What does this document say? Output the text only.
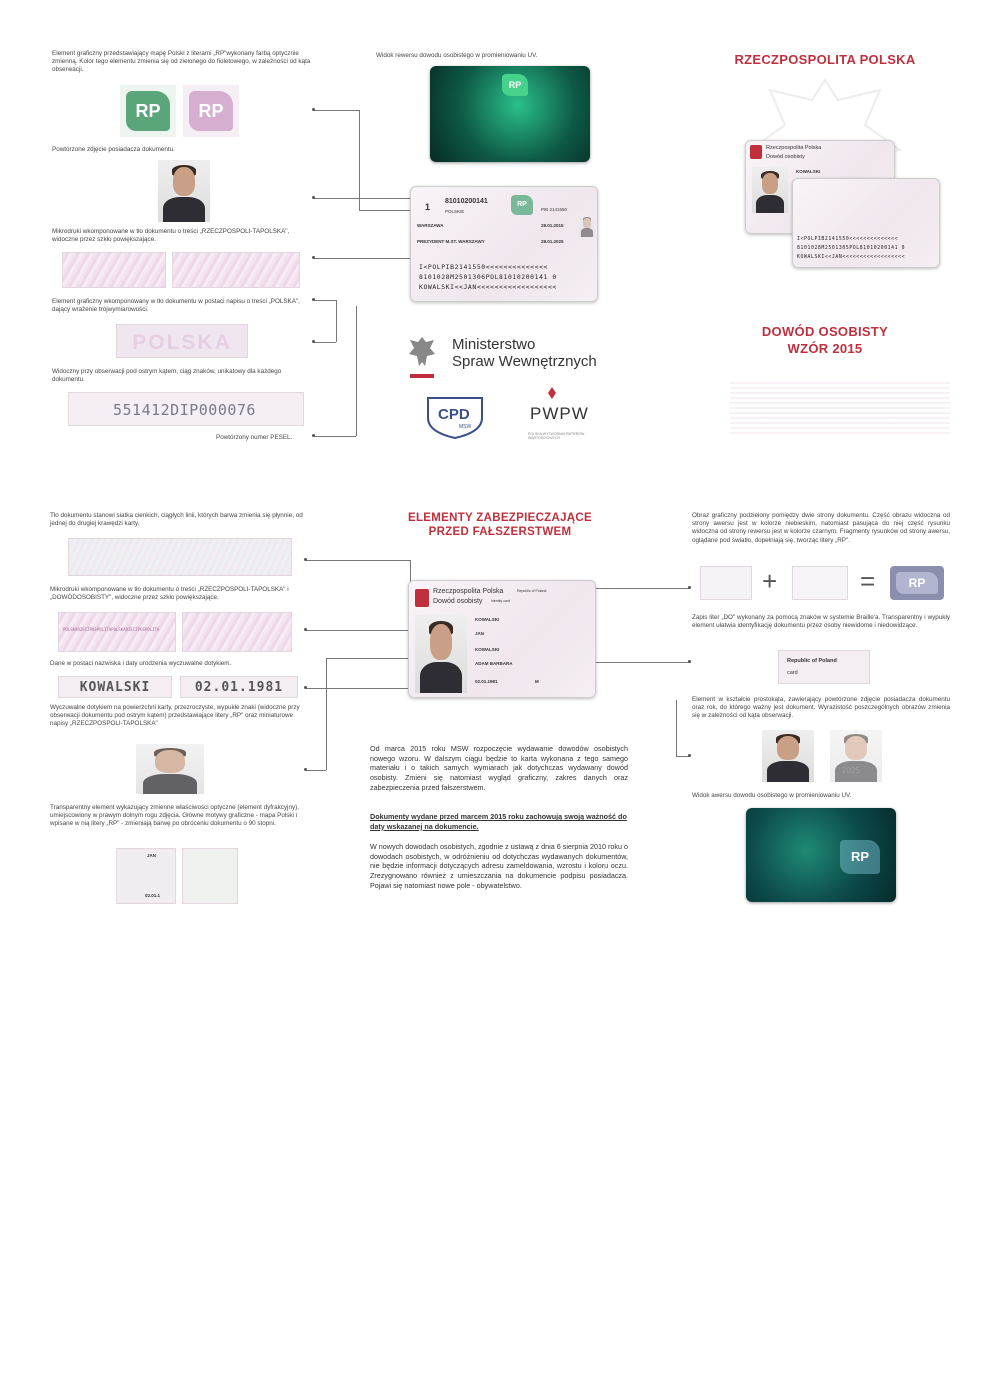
Element graficzny przedstawiający mapę Polski z literami „RP"wykonany farbą optycznie zmienną. Kolor tego elementu zmienia się od zielonego do fioletowego, w zależności od kąta obserwacji.
RP	RP
Powtórzone zdjęcie posiadacza dokumentu.
Mikrodruki wkomponowane w tło dokumentu o treści „RZECZPOSPOLI-TAPOLSKA", widoczne przez szkło powiększające.
Element graficzny wkomponowany w tło dokumentu w postaci napisu o treści „POLSKA", dający wrażenie trójwymiarowości.
POLSKA
Widoczny przy obserwacji pod ostrym kątem, ciąg znaków, unikatowy dla każdego dokumentu.
551412DIP000076
Powtórzony numer PESEL.
Widok rewersu dowodu osobistego w promieniowaniu UV.
RP
1
81010200141
POLSKIE
WARSZAWA
PREZYDENT M.ST. WARSZAWY
RP
PIB 2141550
28.01.2015
28.01.2025
I<POLPIB2141550<<<<<<<<<<<<<<
8101028M2501306POL81010200141 0
KOWALSKI<<JAN<<<<<<<<<<<<<<<<<<
Ministerstwo
Spraw Wewnętrznych
CPD
MSW
PWPW
POLSKA WYTWÓRNIA PAPIERÓW WARTOŚCIOWYCH
RZECZPOSPOLITA POLSKA
Rzeczpospolita Polska
Dowód osobisty
KOWALSKI
I<POLPIB2141550<<<<<<<<<<<<<<
8101028M2501305POL81010200141 0
KOWALSKI<<JAN<<<<<<<<<<<<<<<<<<
DOWÓD OSOBISTY
WZÓR 2015
Tło dokumentu stanowi siatka cienkich, ciągłych linii, których barwa zmienia się płynnie, od jednej do drugiej krawędzi karty.
Mikrodruki wkomponowane w tło dokumentu o treści „RZECZPOSPOLI-TAPOLSKA" i „DOWÓDOSOBISTY", widoczne przez szkło powiększające.
POLSKARZECZPOSPOLITAPOLSKARZECZPOSPOLITA
Dane w postaci nazwiska i daty urodzenia wyczuwalne dotykiem.
KOWALSKI	02.01.1981
Wyczuwalne dotykiem na powierzchni karty, przezroczyste, wypukłe znaki (widoczne przy obserwacji dokumentu pod ostrym kątem) przedstawiające litery „RP" oraz miniaturowe napisy „RZECZPOSPOLI-TAPOLSKA"
Transparentny element wykazujący zmienne właściwości optyczne (element dyfrakcyjny), umiejscowiony w prawym dolnym rogu zdjęcia. Główne motywy graficzne - mapa Polski i wpisane w nią litery „RP" - zmieniają barwę po obróceniu dokumentu o 90 stopni.
JAN
02.01.1
ELEMENTY ZABEZPIECZAJĄCE
PRZED FAŁSZERSTWEM
Rzeczpospolita Polska	Republic of Poland
Dowód osobisty Identity card
KOWALSKI
JAN
KOWALSKI
ADAM BARBARA
02.01.1981	M
Od marca 2015 roku MSW rozpoczęcie wydawanie dowodów osobistych nowego wzoru. W dalszym ciągu będzie to karta wykonana z tego samego materiału i o takich samych wymiarach jak dotychczas wydawany dowód osobisty. Zmieni się natomiast wygląd graficzny, zakres danych oraz zabezpieczenia przed fałszerstwem.
Dokumenty wydane przed marcem 2015 roku zachowują swoją ważność do daty wskazanej na dokumencie.
W nowych dowodach osobistych, zgodnie z ustawą z dnia 6 sierpnia 2010 roku o dowodach osobistych, w odróżnieniu od dotychczas wydawanych dokumentów, nie będzie informacji dotyczących adresu zameldowania, wzrostu i koloru oczu. Zrezygnowano również z umieszczania na dokumencie podpisu posiadacza. Pojawi się natomiast nowe pole - obywatelstwo.
Obraz graficzny podzielony pomiędzy dwie strony dokumentu. Część obrazu widoczna od strony awersu jest w kolorze niebieskim, natomiast pasująca do niej część rysunku widoczna od strony rewersu jest w kolorze czarnym. Fragmenty rysunków od strony awersu, oglądane pod światło, dopełniają się, tworząc litery „RP".
+	=	RP
Zapis liter „DO" wykonany za pomocą znaków w systemie Braille'a. Transparentny i wypukły element ułatwia identyfikację dokumentu przez osoby niewidome i niedowidzące.
Republic of Poland
card
Element w kształcie prostokąta, zawierający powtórzone zdjęcie posiadacza dokumentu oraz rok, do którego ważny jest dokument. Wyrazistość poszczególnych obrazów zmienia się w zależności od kąta obserwacji.
2025
Widok awersu dowodu osobistego w promieniowaniu UV.
RP
